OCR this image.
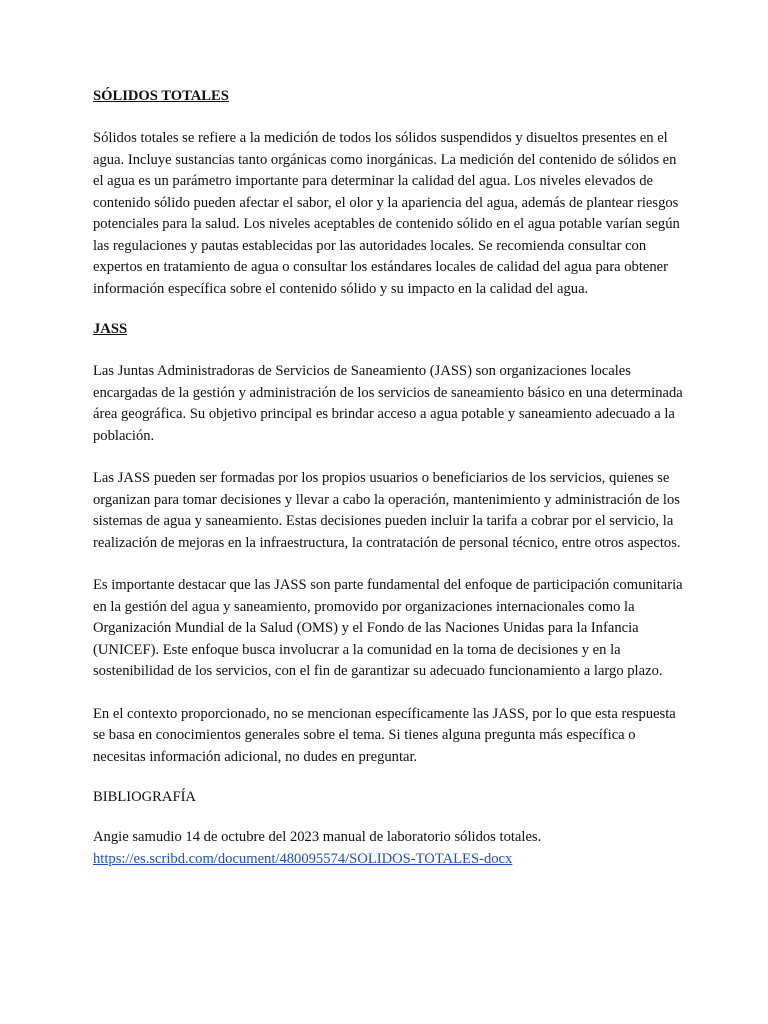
SÓLIDOS TOTALES

Sólidos totales se refiere a la medición de todos los sólidos suspendidos y disueltos presentes en el agua. Incluye sustancias tanto orgánicas como inorgánicas. La medición del contenido de sólidos en el agua es un parámetro importante para determinar la calidad del agua. Los niveles elevados de contenido sólido pueden afectar el sabor, el olor y la apariencia del agua, además de plantear riesgos potenciales para la salud. Los niveles aceptables de contenido sólido en el agua potable varían según las regulaciones y pautas establecidas por las autoridades locales. Se recomienda consultar con expertos en tratamiento de agua o consultar los estándares locales de calidad del agua para obtener información específica sobre el contenido sólido y su impacto en la calidad del agua.

JASS

Las Juntas Administradoras de Servicios de Saneamiento (JASS) son organizaciones locales encargadas de la gestión y administración de los servicios de saneamiento básico en una determinada área geográfica. Su objetivo principal es brindar acceso a agua potable y saneamiento adecuado a la población.

Las JASS pueden ser formadas por los propios usuarios o beneficiarios de los servicios, quienes se organizan para tomar decisiones y llevar a cabo la operación, mantenimiento y administración de los sistemas de agua y saneamiento. Estas decisiones pueden incluir la tarifa a cobrar por el servicio, la realización de mejoras en la infraestructura, la contratación de personal técnico, entre otros aspectos.

Es importante destacar que las JASS son parte fundamental del enfoque de participación comunitaria en la gestión del agua y saneamiento, promovido por organizaciones internacionales como la Organización Mundial de la Salud (OMS) y el Fondo de las Naciones Unidas para la Infancia (UNICEF). Este enfoque busca involucrar a la comunidad en la toma de decisiones y en la sostenibilidad de los servicios, con el fin de garantizar su adecuado funcionamiento a largo plazo.

En el contexto proporcionado, no se mencionan específicamente las JASS, por lo que esta respuesta se basa en conocimientos generales sobre el tema. Si tienes alguna pregunta más específica o necesitas información adicional, no dudes en preguntar.

BIBLIOGRAFÍA

Angie samudio 14 de octubre del 2023 manual de laboratorio sólidos totales.
https://es.scribd.com/document/480095574/SOLIDOS-TOTALES-docx
